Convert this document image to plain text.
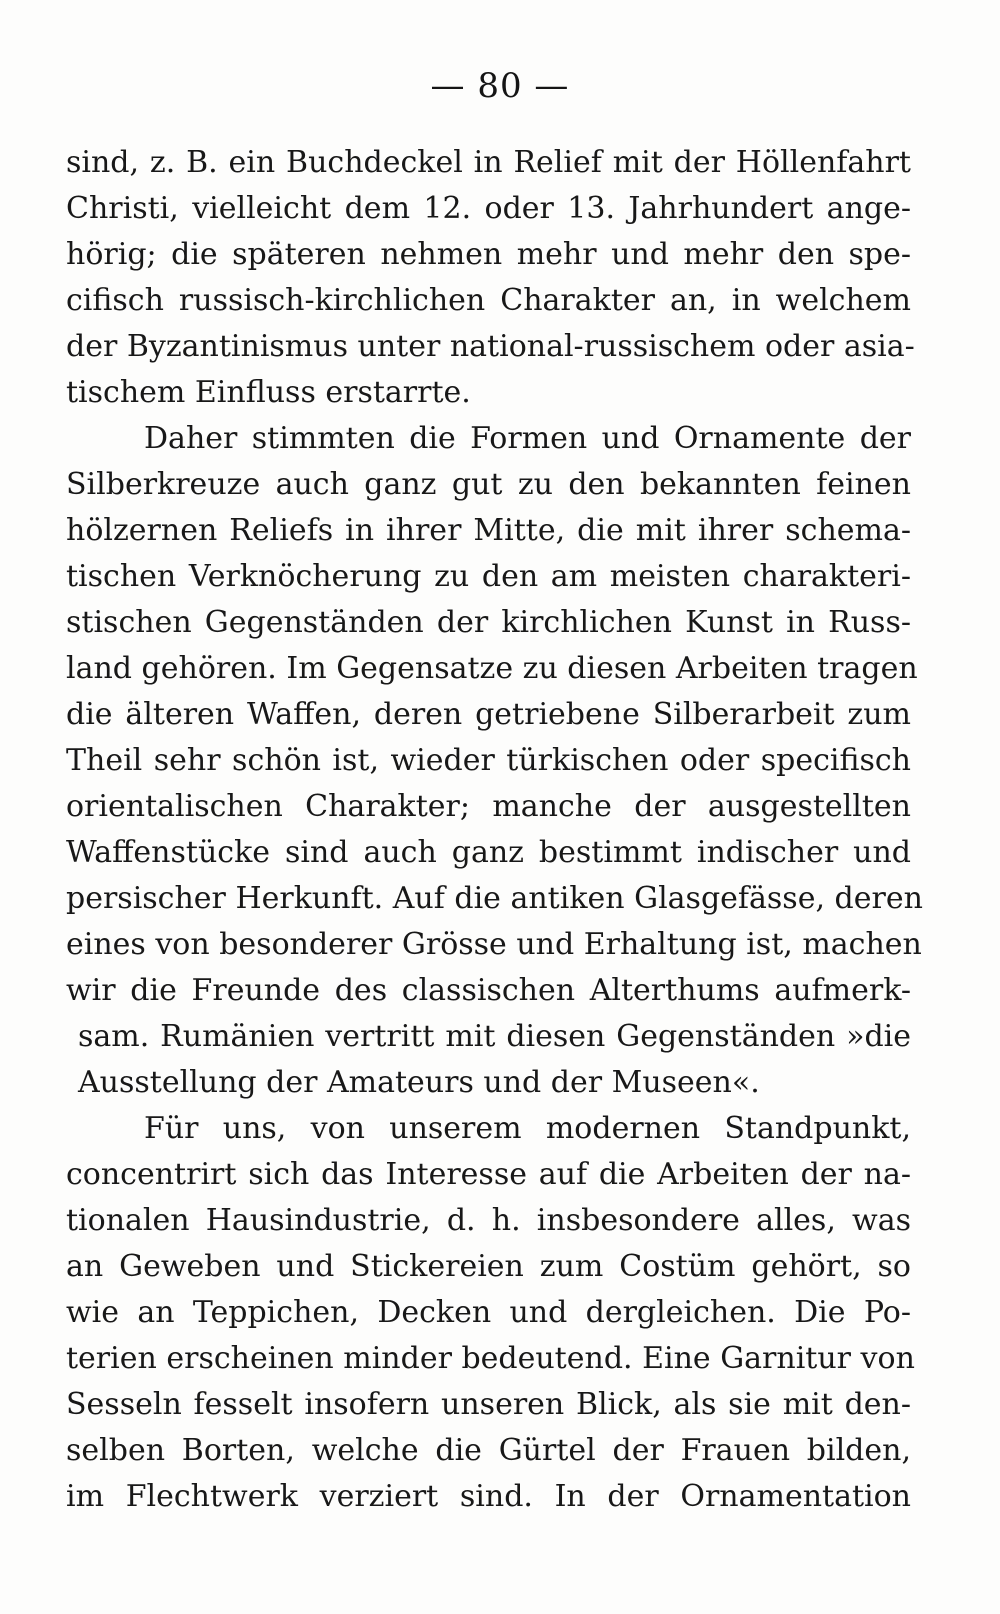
— 80 —
sind, z. B. ein Buchdeckel in Relief mit der Höllenfahrt
Christi, vielleicht dem 12. oder 13. Jahrhundert ange-
hörig; die späteren nehmen mehr und mehr den spe-
cifisch russisch-kirchlichen Charakter an, in welchem
der Byzantinismus unter national-russischem oder asia-
tischem Einfluss erstarrte.
Daher stimmten die Formen und Ornamente der
Silberkreuze auch ganz gut zu den bekannten feinen
hölzernen Reliefs in ihrer Mitte, die mit ihrer schema-
tischen Verknöcherung zu den am meisten charakteri-
stischen Gegenständen der kirchlichen Kunst in Russ-
land gehören. Im Gegensatze zu diesen Arbeiten tragen
die älteren Waffen, deren getriebene Silberarbeit zum
Theil sehr schön ist, wieder türkischen oder specifisch
orientalischen Charakter; manche der ausgestellten
Waffenstücke sind auch ganz bestimmt indischer und
persischer Herkunft. Auf die antiken Glasgefässe, deren
eines von besonderer Grösse und Erhaltung ist, machen
wir die Freunde des classischen Alterthums aufmerk-
sam. Rumänien vertritt mit diesen Gegenständen »die
Ausstellung der Amateurs und der Museen«.
Für uns, von unserem modernen Standpunkt,
concentrirt sich das Interesse auf die Arbeiten der na-
tionalen Hausindustrie, d. h. insbesondere alles, was
an Geweben und Stickereien zum Costüm gehört, so
wie an Teppichen, Decken und dergleichen. Die Po-
terien erscheinen minder bedeutend. Eine Garnitur von
Sesseln fesselt insofern unseren Blick, als sie mit den-
selben Borten, welche die Gürtel der Frauen bilden,
im Flechtwerk verziert sind. In der Ornamentation
